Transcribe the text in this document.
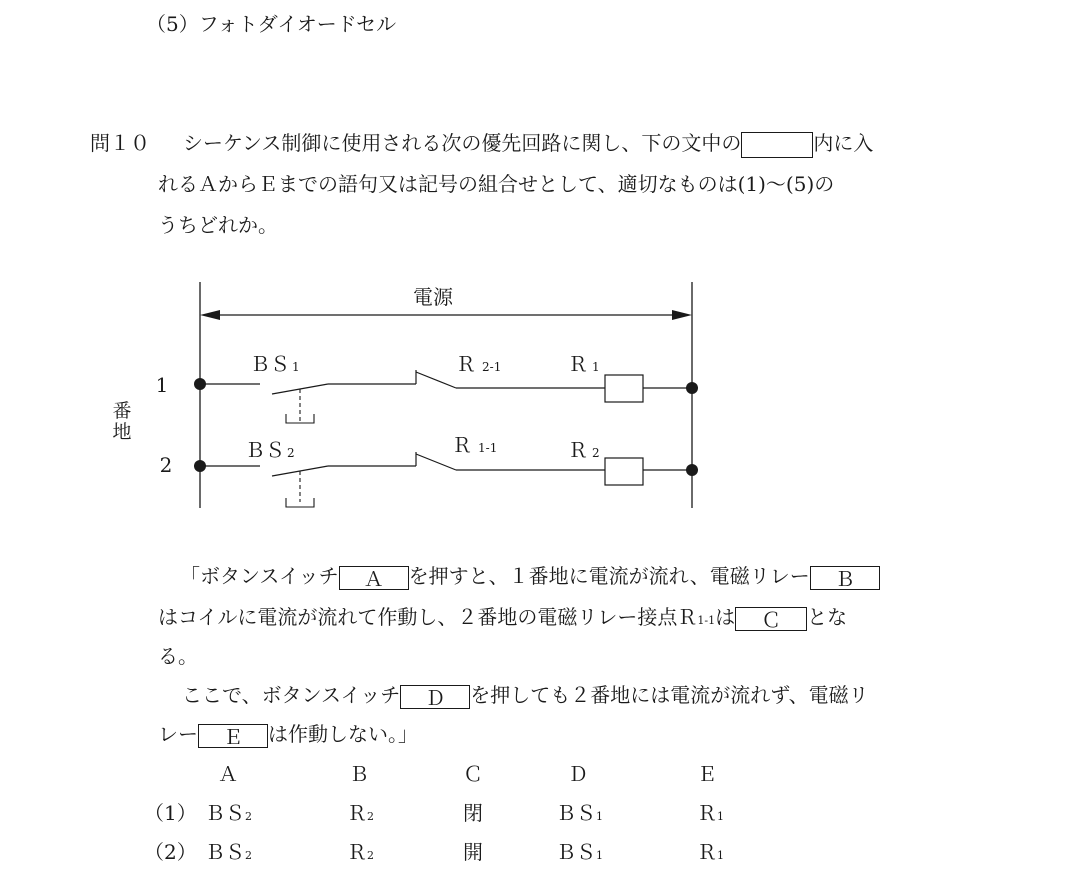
（5）フォトダイオードセル
問１０ シーケンス制御に使用される次の優先回路に関し、下の文中の	内に入
れるＡからＥまでの語句又は記号の組合せとして、適切なものは(1)～(5)の
うちどれか。
電源
番
地
1
ＢＳ 1	Ｒ 2-1	Ｒ 1
2
ＢＳ 2	Ｒ 1-1	Ｒ 2
「ボタンスイッチ Ａ を押すと、１番地に電流が流れ、電磁リレー Ｂ
はコイルに電流が流れて作動し、２番地の電磁リレー接点Ｒ1-1は Ｃ とな
る。
ここで、ボタンスイッチ Ｄ を押しても２番地には電流が流れず、電磁リ
レー Ｅ は作動しない。」
Ａ	Ｂ	Ｃ	Ｄ	Ｅ
（1） ＢＳ2	Ｒ2	閉	ＢＳ1	Ｒ1
（2） ＢＳ2	Ｒ2	開	ＢＳ1	Ｒ1
